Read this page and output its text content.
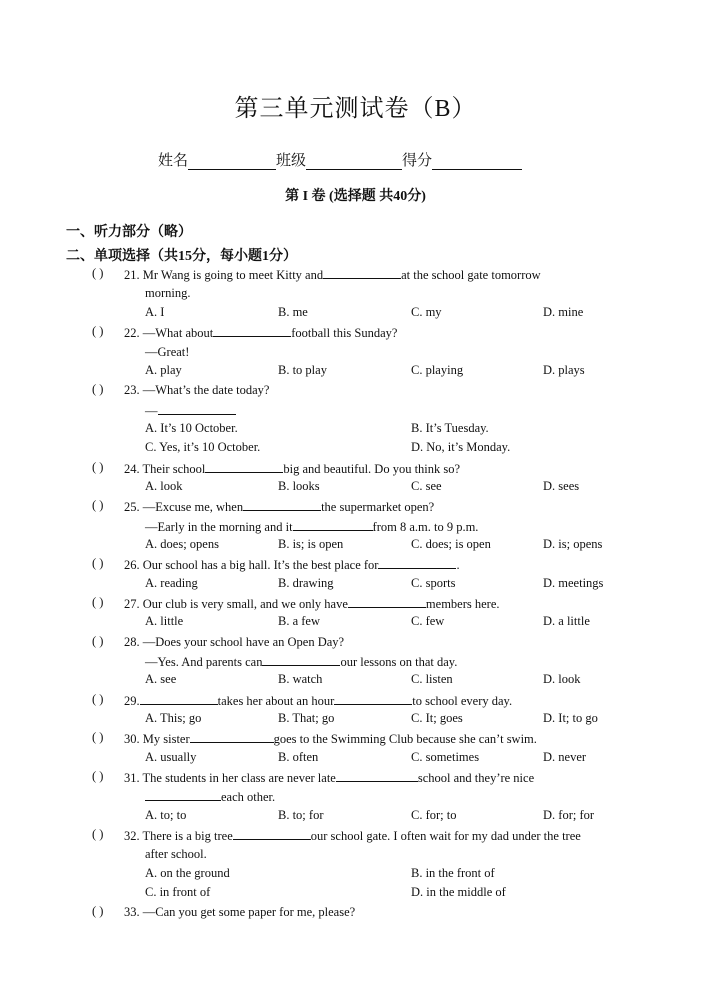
第三单元测试卷（B）
姓名	班级	得分
第 I 卷 (选择题 共40分)
一、听力部分（略）
二、单项选择（共15分，每小题1分）
( ) 21. Mr Wang is going to meet Kitty and	at the school gate tomorrow
morning.
A. I	B. me	C. my	D. mine
( ) 22. —What about	football this Sunday?
—Great!
A. play	B. to play	C. playing	D. plays
( ) 23. —What’s the date today?
—
A. It’s 10 October.	B. It’s Tuesday.
C. Yes, it’s 10 October.	D. No, it’s Monday.
( ) 24. Their school	big and beautiful. Do you think so?
A. look	B. looks	C. see	D. sees
( ) 25. —Excuse me, when	the supermarket open?
—Early in the morning and it	from 8 a.m. to 9 p.m.
A. does; opens	B. is; is open	C. does; is open	D. is; opens
( ) 26. Our school has a big hall. It’s the best place for	.
A. reading	B. drawing	C. sports	D. meetings
( ) 27. Our club is very small, and we only have	members here.
A. little	B. a few	C. few	D. a little
( ) 28. —Does your school have an Open Day?
—Yes. And parents can	our lessons on that day.
A. see	B. watch	C. listen	D. look
( ) 29.	takes her about an hour	to school every day.
A. This; go	B. That; go	C. It; goes	D. It; to go
( ) 30. My sister	goes to the Swimming Club because she can’t swim.
A. usually	B. often	C. sometimes	D. never
( ) 31. The students in her class are never late	school and they’re nice
each other.
A. to; to	B. to; for	C. for; to	D. for; for
( ) 32. There is a big tree	our school gate. I often wait for my dad under the tree
after school.
A. on the ground	B. in the front of
C. in front of	D. in the middle of
( ) 33. —Can you get some paper for me, please?
